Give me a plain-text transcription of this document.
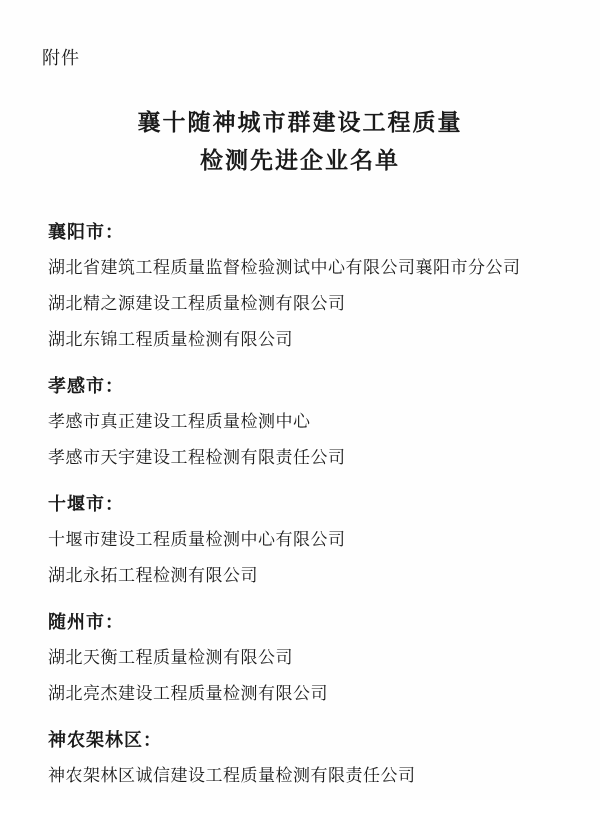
附件
襄十随神城市群建设工程质量
检测先进企业名单
襄阳市：
湖北省建筑工程质量监督检验测试中心有限公司襄阳市分公司
湖北精之源建设工程质量检测有限公司
湖北东锦工程质量检测有限公司
孝感市：
孝感市真正建设工程质量检测中心
孝感市天宇建设工程检测有限责任公司
十堰市：
十堰市建设工程质量检测中心有限公司
湖北永拓工程检测有限公司
随州市：
湖北天衡工程质量检测有限公司
湖北亮杰建设工程质量检测有限公司
神农架林区：
神农架林区诚信建设工程质量检测有限责任公司
